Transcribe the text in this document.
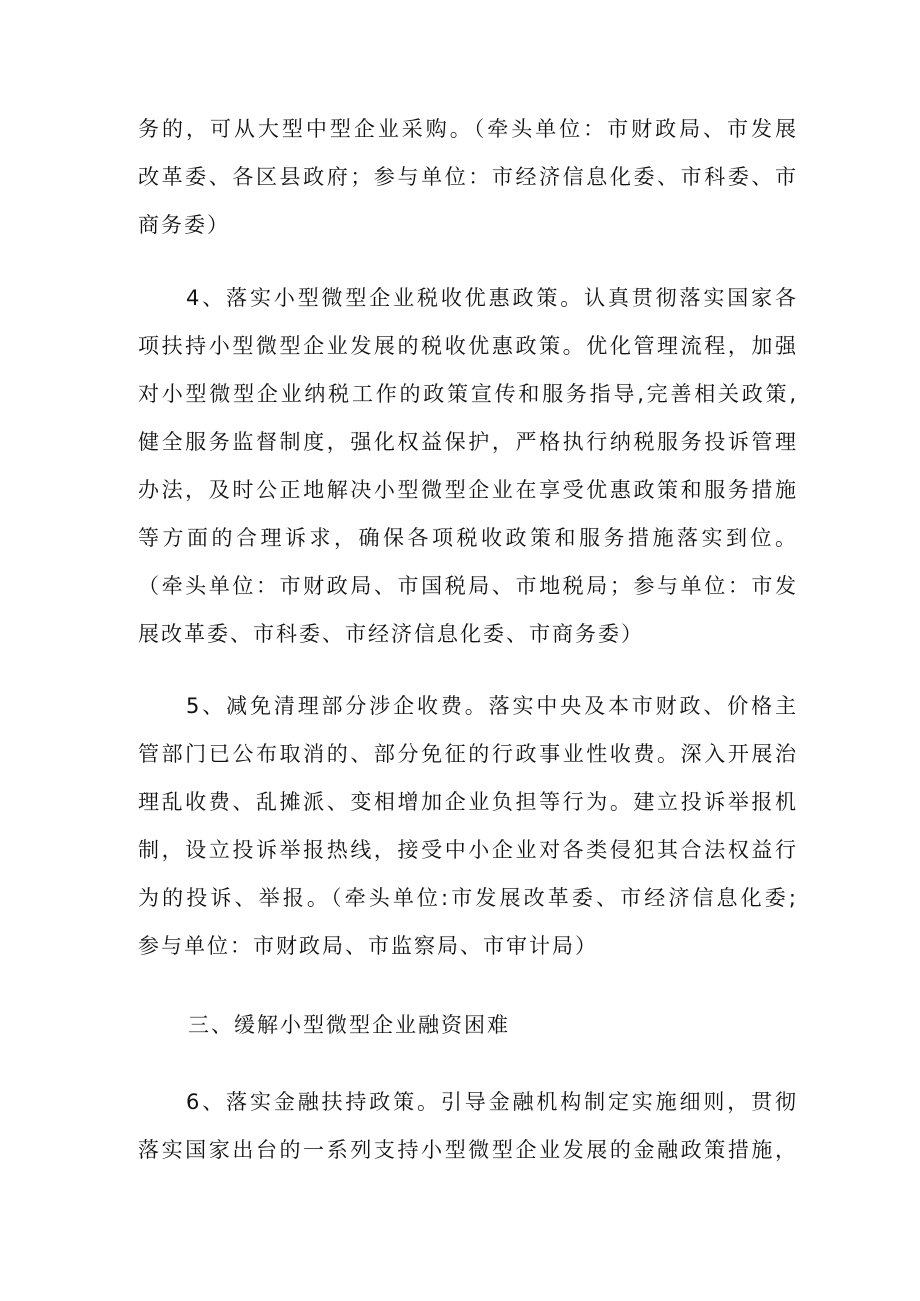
务的，可从大型中型企业采购。（牵头单位：市财政局、市发展
改革委、各区县政府；参与单位：市经济信息化委、市科委、市
商务委）
4、落实小型微型企业税收优惠政策。认真贯彻落实国家各
项扶持小型微型企业发展的税收优惠政策。优化管理流程，加强
对小型微型企业纳税工作的政策宣传和服务指导,完善相关政策,
健全服务监督制度，强化权益保护，严格执行纳税服务投诉管理
办法，及时公正地解决小型微型企业在享受优惠政策和服务措施
等方面的合理诉求，确保各项税收政策和服务措施落实到位。
（牵头单位：市财政局、市国税局、市地税局；参与单位：市发
展改革委、市科委、市经济信息化委、市商务委）
5、减免清理部分涉企收费。落实中央及本市财政、价格主
管部门已公布取消的、部分免征的行政事业性收费。深入开展治
理乱收费、乱摊派、变相增加企业负担等行为。建立投诉举报机
制，设立投诉举报热线，接受中小企业对各类侵犯其合法权益行
为的投诉、举报。（牵头单位:市发展改革委、市经济信息化委;
参与单位：市财政局、市监察局、市审计局）
三、缓解小型微型企业融资困难
6、落实金融扶持政策。引导金融机构制定实施细则，贯彻
落实国家出台的一系列支持小型微型企业发展的金融政策措施，
